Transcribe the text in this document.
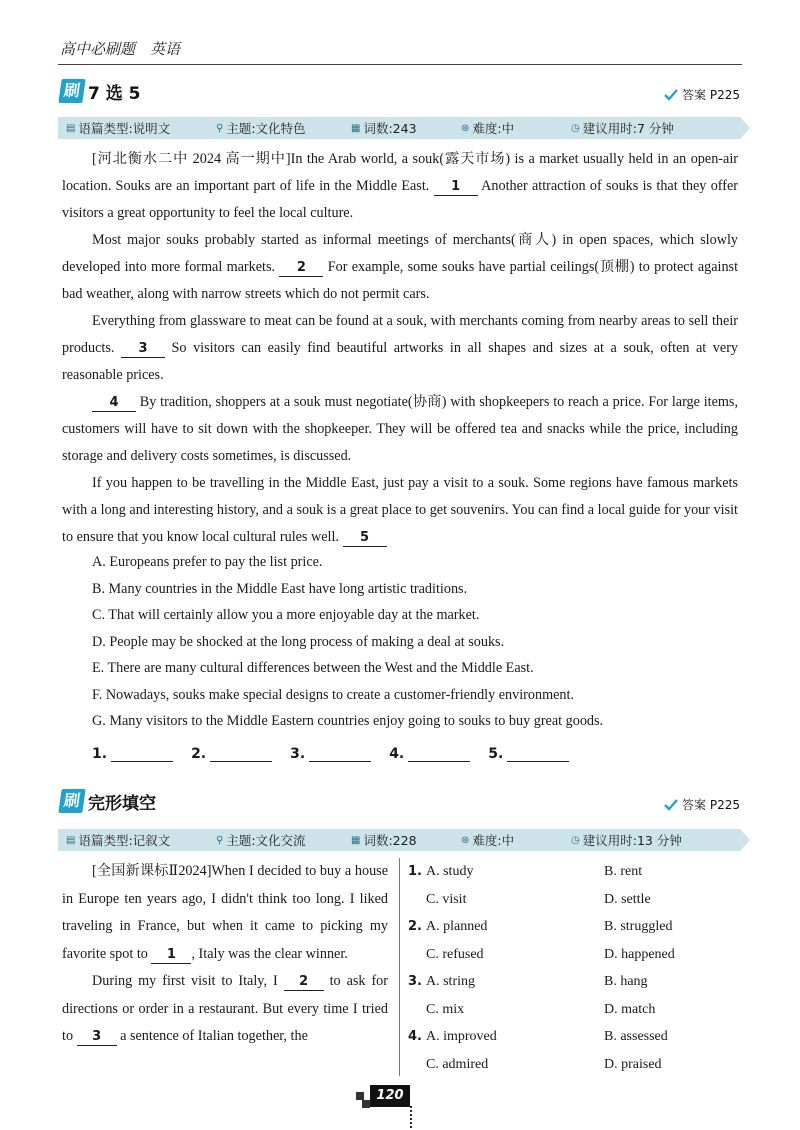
高中必刷题　英语
刷 7 选 5	答案 P225
▤ 语篇类型:说明文	⚲ 主题:文化特色	▦ 词数:243	⊛ 难度:中	◷ 建议用时:7 分钟

[河北衡水二中 2024 高一期中]In the Arab world, a souk(露天市场) is a market usually held in an open-air location. Souks are an important part of life in the Middle East. 1 Another attraction of souks is that they offer visitors a great opportunity to feel the local culture.

Most major souks probably started as informal meetings of merchants(商人) in open spaces, which slowly developed into more formal markets. 2 For example, some souks have partial ceilings(顶棚) to protect against bad weather, along with narrow streets which do not permit cars.

Everything from glassware to meat can be found at a souk, with merchants coming from nearby areas to sell their products. 3 So visitors can easily find beautiful artworks in all shapes and sizes at a souk, often at very reasonable prices.

4 By tradition, shoppers at a souk must negotiate(协商) with shopkeepers to reach a price. For large items, customers will have to sit down with the shopkeeper. They will be offered tea and snacks while the price, including storage and delivery costs sometimes, is discussed.

If you happen to be travelling in the Middle East, just pay a visit to a souk. Some regions have famous markets with a long and interesting history, and a souk is a great place to get souvenirs. You can find a local guide for your visit to ensure that you know local cultural rules well. 5

A. Europeans prefer to pay the list price.
B. Many countries in the Middle East have long artistic traditions.
C. That will certainly allow you a more enjoyable day at the market.
D. People may be shocked at the long process of making a deal at souks.
E. There are many cultural differences between the West and the Middle East.
F. Nowadays, souks make special designs to create a customer-friendly environment.
G. Many visitors to the Middle Eastern countries enjoy going to souks to buy great goods.
1.	2.	3.	4.	5.
刷 完形填空	答案 P225
▤ 语篇类型:记叙文	⚲ 主题:文化交流	▦ 词数:228	⊛ 难度:中	◷ 建议用时:13 分钟

[全国新课标Ⅱ2024]When I decided to buy a house in Europe ten years ago, I didn't think too long. I liked traveling in France, but when it came to picking my favorite spot to 1 , Italy was the clear winner.

During my first visit to Italy, I 2 to ask for directions or order in a restaurant. But every time I tried to 3 a sentence of Italian together, the

1. A. study	B. rent
C. visit	D. settle
2. A. planned	B. struggled
C. refused	D. happened
3. A. string	B. hang
C. mix	D. match
4. A. improved	B. assessed
C. admired	D. praised
120
